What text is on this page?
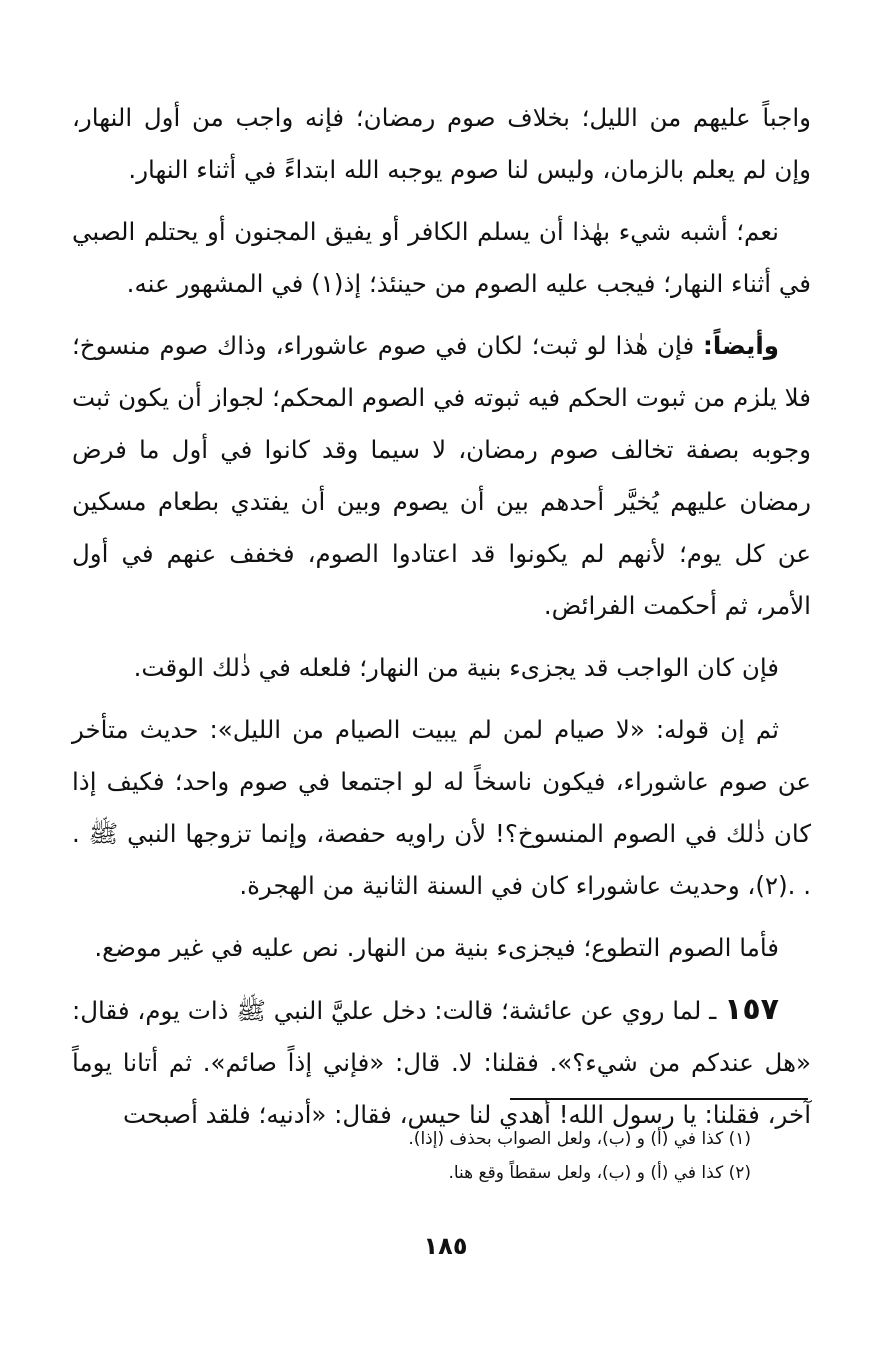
واجباً عليهم من الليل؛ بخلاف صوم رمضان؛ فإنه واجب من أول النهار، وإن لم يعلم بالزمان، وليس لنا صوم يوجبه الله ابتداءً في أثناء النهار.

نعم؛ أشبه شيء بهٰذا أن يسلم الكافر أو يفيق المجنون أو يحتلم الصبي في أثناء النهار؛ فيجب عليه الصوم من حينئذ؛ إذ(١) في المشهور عنه.

وأيضاً: فإن هٰذا لو ثبت؛ لكان في صوم عاشوراء، وذاك صوم منسوخ؛ فلا يلزم من ثبوت الحكم فيه ثبوته في الصوم المحكم؛ لجواز أن يكون ثبت وجوبه بصفة تخالف صوم رمضان، لا سيما وقد كانوا في أول ما فرض رمضان عليهم يُخيَّر أحدهم بين أن يصوم وبين أن يفتدي بطعام مسكين عن كل يوم؛ لأنهم لم يكونوا قد اعتادوا الصوم، فخفف عنهم في أول الأمر، ثم أحكمت الفرائض.

فإن كان الواجب قد يجزىء بنية من النهار؛ فلعله في ذٰلك الوقت.

ثم إن قوله: «لا صيام لمن لم يبيت الصيام من الليل»: حديث متأخر عن صوم عاشوراء، فيكون ناسخاً له لو اجتمعا في صوم واحد؛ فكيف إذا كان ذٰلك في الصوم المنسوخ؟! لأن راويه حفصة، وإنما تزوجها النبي ﷺ . . .(٢)، وحديث عاشوراء كان في السنة الثانية من الهجرة.

فأما الصوم التطوع؛ فيجزىء بنية من النهار. نص عليه في غير موضع.

١٥٧ ـ لما روي عن عائشة؛ قالت: دخل عليَّ النبي ﷺ ذات يوم، فقال: «هل عندكم من شيء؟». فقلنا: لا. قال: «فإني إذاً صائم». ثم أتانا يوماً آخر، فقلنا: يا رسول الله! أهدي لنا حيس، فقال: «أدنيه؛ فلقد أصبحت

(١) كذا في (أ) و (ب)، ولعل الصواب بحذف (إذا).

(٢) كذا في (أ) و (ب)، ولعل سقطاً وقع هنا.

١٨٥
